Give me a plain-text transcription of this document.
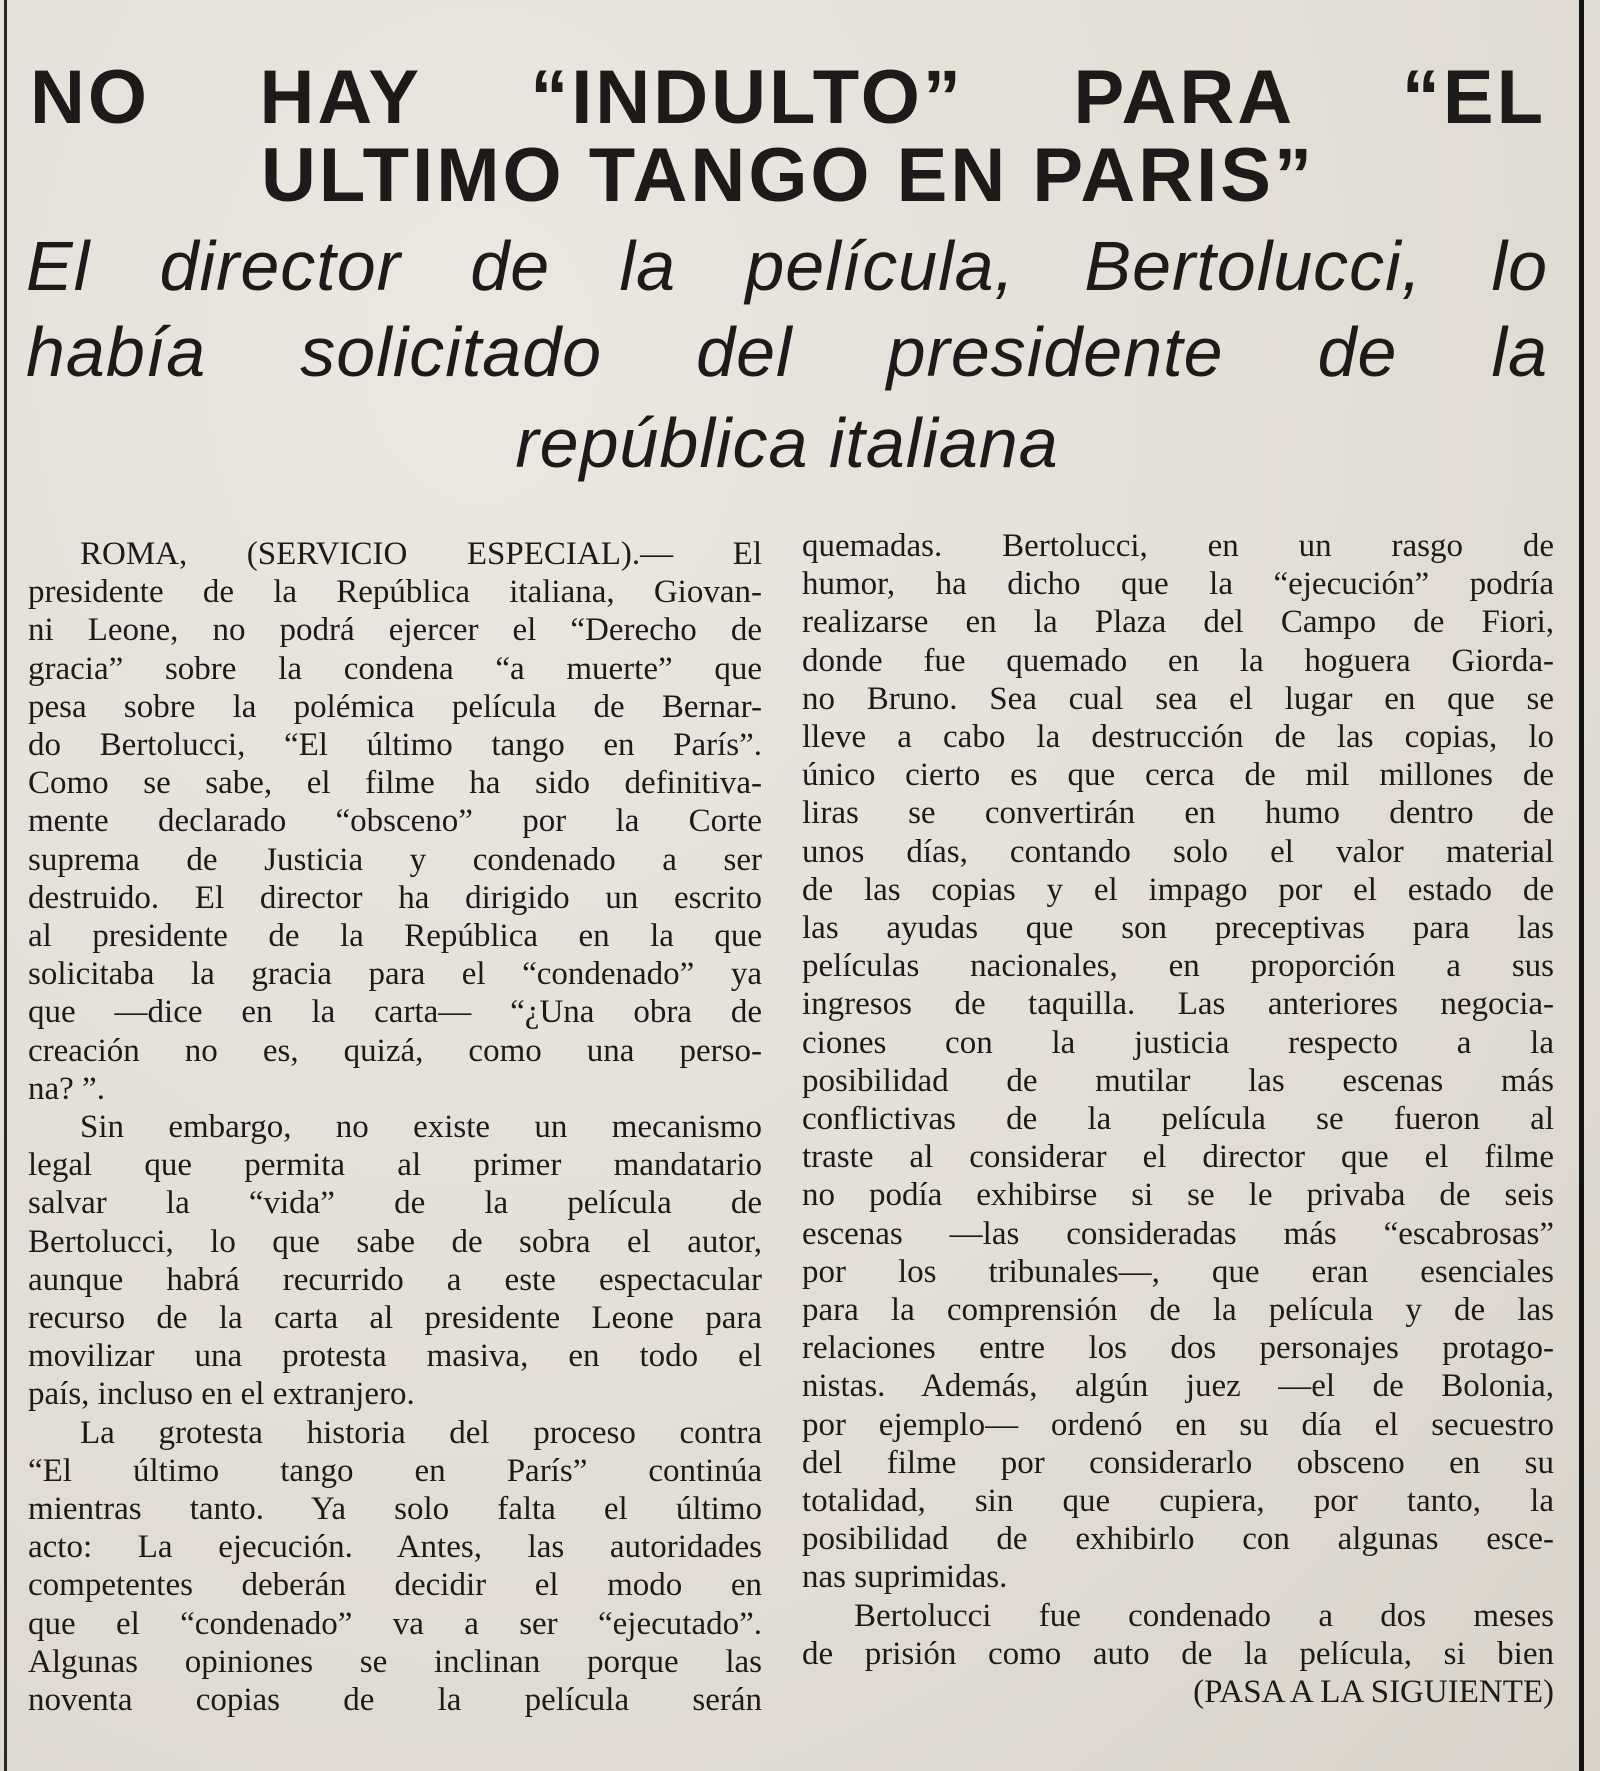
NO HAY “INDULTO” PARA “EL
ULTIMO TANGO EN PARIS”
El director de la película, Bertolucci, lo
había solicitado del presidente de la
república italiana
ROMA, (SERVICIO ESPECIAL).— El
presidente de la República italiana, Giovan-
ni Leone, no podrá ejercer el “Derecho de
gracia” sobre la condena “a muerte” que
pesa sobre la polémica película de Bernar-
do Bertolucci, “El último tango en París”.
Como se sabe, el filme ha sido definitiva-
mente declarado “obsceno” por la Corte
suprema de Justicia y condenado a ser
destruido. El director ha dirigido un escrito
al presidente de la República en la que
solicitaba la gracia para el “condenado” ya
que —dice en la carta— “¿Una obra de
creación no es, quizá, como una perso-
na? ”.
Sin embargo, no existe un mecanismo
legal que permita al primer mandatario
salvar la “vida” de la película de
Bertolucci, lo que sabe de sobra el autor,
aunque habrá recurrido a este espectacular
recurso de la carta al presidente Leone para
movilizar una protesta masiva, en todo el
país, incluso en el extranjero.
La grotesta historia del proceso contra
“El último tango en París” continúa
mientras tanto. Ya solo falta el último
acto: La ejecución. Antes, las autoridades
competentes deberán decidir el modo en
que el “condenado” va a ser “ejecutado”.
Algunas opiniones se inclinan porque las
noventa copias de la película serán
quemadas. Bertolucci, en un rasgo de
humor, ha dicho que la “ejecución” podría
realizarse en la Plaza del Campo de Fiori,
donde fue quemado en la hoguera Giorda-
no Bruno. Sea cual sea el lugar en que se
lleve a cabo la destrucción de las copias, lo
único cierto es que cerca de mil millones de
liras se convertirán en humo dentro de
unos días, contando solo el valor material
de las copias y el impago por el estado de
las ayudas que son preceptivas para las
películas nacionales, en proporción a sus
ingresos de taquilla. Las anteriores negocia-
ciones con la justicia respecto a la
posibilidad de mutilar las escenas más
conflictivas de la película se fueron al
traste al considerar el director que el filme
no podía exhibirse si se le privaba de seis
escenas —las consideradas más “escabrosas”
por los tribunales—, que eran esenciales
para la comprensión de la película y de las
relaciones entre los dos personajes protago-
nistas. Además, algún juez —el de Bolonia,
por ejemplo— ordenó en su día el secuestro
del filme por considerarlo obsceno en su
totalidad, sin que cupiera, por tanto, la
posibilidad de exhibirlo con algunas esce-
nas suprimidas.
Bertolucci fue condenado a dos meses
de prisión como auto de la película, si bien
(PASA A LA SIGUIENTE)
